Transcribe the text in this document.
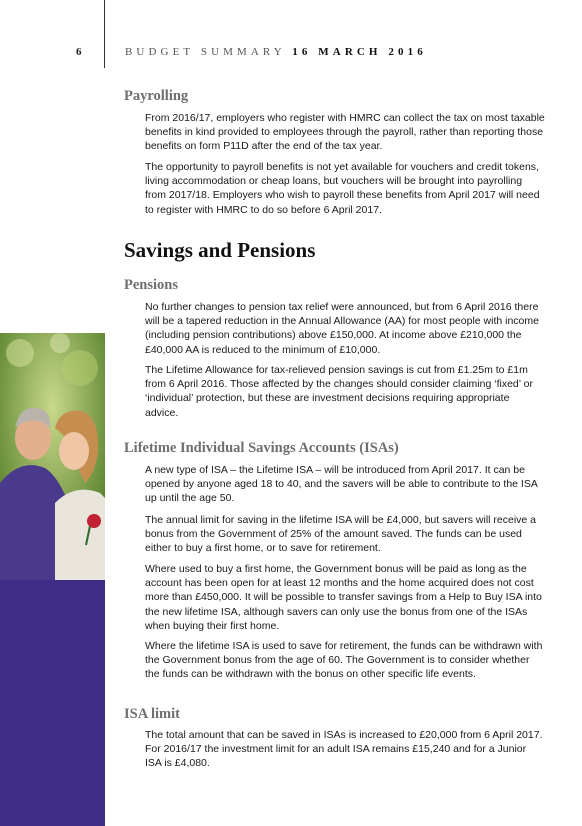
6	BUDGET SUMMARY 16 MARCH 2016
Payrolling

From 2016/17, employers who register with HMRC can collect the tax on most taxable benefits in kind provided to employees through the payroll, rather than reporting those benefits on form P11D after the end of the tax year.

The opportunity to payroll benefits is not yet available for vouchers and credit tokens, living accommodation or cheap loans, but vouchers will be brought into payrolling from 2017/18. Employers who wish to payroll these benefits from April 2017 will need to register with HMRC to do so before 6 April 2017.

Savings and Pensions
Pensions

No further changes to pension tax relief were announced, but from 6 April 2016 there will be a tapered reduction in the Annual Allowance (AA) for most people with income (including pension contributions) above £150,000. At income above £210,000 the £40,000 AA is reduced to the minimum of £10,000.

The Lifetime Allowance for tax-relieved pension savings is cut from £1.25m to £1m from 6 April 2016. Those affected by the changes should consider claiming ‘fixed’ or ‘individual’ protection, but these are investment decisions requiring appropriate advice.

Lifetime Individual Savings Accounts (ISAs)

A new type of ISA – the Lifetime ISA – will be introduced from April 2017. It can be opened by anyone aged 18 to 40, and the savers will be able to contribute to the ISA up until the age 50.

The annual limit for saving in the lifetime ISA will be £4,000, but savers will receive a bonus from the Government of 25% of the amount saved. The funds can be used either to buy a first home, or to save for retirement.

Where used to buy a first home, the Government bonus will be paid as long as the account has been open for at least 12 months and the home acquired does not cost more than £450,000. It will be possible to transfer savings from a Help to Buy ISA into the new lifetime ISA, although savers can only use the bonus from one of the ISAs when buying their first home.

Where the lifetime ISA is used to save for retirement, the funds can be withdrawn with the Government bonus from the age of 60. The Government is to consider whether the funds can be withdrawn with the bonus on other specific life events.

ISA limit

The total amount that can be saved in ISAs is increased to £20,000 from 6 April 2017. For 2016/17 the investment limit for an adult ISA remains £15,240 and for a Junior ISA is £4,080.
